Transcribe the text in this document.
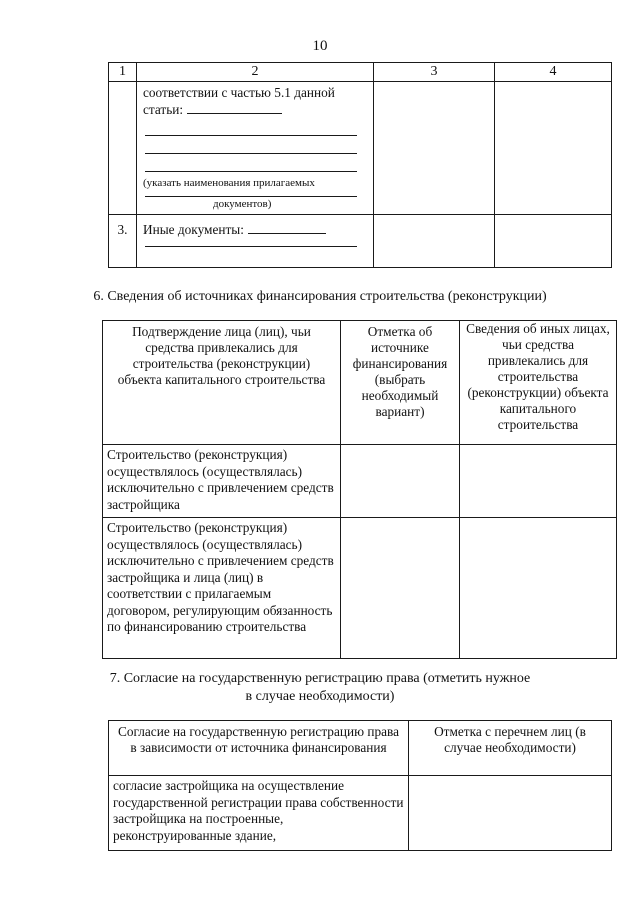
10
1	2	3	4

	соответствии с частью 5.1 данной статьи:
(указать наименования прилагаемых
документов)		

3.	Иные документы:		

6. Сведения об источниках финансирования строительства (реконструкции)
Подтверждение лица (лиц), чьи средства привлекались для строительства (реконструкции) объекта капитального строительства	Отметка об источнике финансирования (выбрать необходимый вариант)	Сведения об иных лицах, чьи средства привлекались для строительства (реконструкции) объекта капитального строительства
Строительство (реконструкция) осуществлялось (осуществлялась) исключительно с привлечением средств застройщика		
Строительство (реконструкция) осуществлялось (осуществлялась) исключительно с привлечением средств застройщика и лица (лиц) в соответствии с прилагаемым договором, регулирующим обязанность по финансированию строительства		
7. Согласие на государственную регистрацию права (отметить нужное
в случае необходимости)
Согласие на государственную регистрацию права в зависимости от источника финансирования	Отметка с перечнем лиц (в случае необходимости)
согласие застройщика на осуществление государственной регистрации права собственности застройщика на построенные, реконструированные здание,	
